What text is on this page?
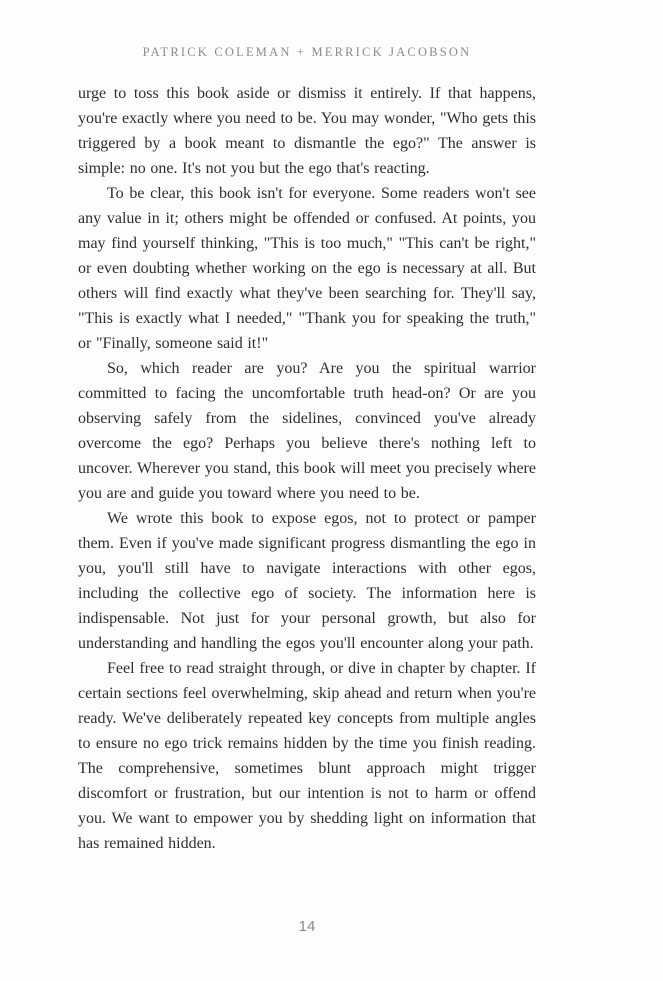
PATRICK COLEMAN + MERRICK JACOBSON

urge to toss this book aside or dismiss it entirely. If that happens, you're exactly where you need to be. You may wonder, "Who gets this triggered by a book meant to dismantle the ego?" The answer is simple: no one. It's not you but the ego that's reacting.

To be clear, this book isn't for everyone. Some readers won't see any value in it; others might be offended or confused. At points, you may find yourself thinking, "This is too much," "This can't be right," or even doubting whether working on the ego is necessary at all. But others will find exactly what they've been searching for. They'll say, "This is exactly what I needed," "Thank you for speaking the truth," or "Finally, someone said it!"

So, which reader are you? Are you the spiritual warrior committed to facing the uncomfortable truth head-on? Or are you observing safely from the sidelines, convinced you've already overcome the ego? Perhaps you believe there's nothing left to uncover. Wherever you stand, this book will meet you precisely where you are and guide you toward where you need to be.

We wrote this book to expose egos, not to protect or pamper them. Even if you've made significant progress dismantling the ego in you, you'll still have to navigate interactions with other egos, including the collective ego of society. The information here is indispensable. Not just for your personal growth, but also for understanding and handling the egos you'll encounter along your path.

Feel free to read straight through, or dive in chapter by chapter. If certain sections feel overwhelming, skip ahead and return when you're ready. We've deliberately repeated key concepts from multiple angles to ensure no ego trick remains hidden by the time you finish reading. The comprehensive, sometimes blunt approach might trigger discomfort or frustration, but our intention is not to harm or offend you. We want to empower you by shedding light on information that has remained hidden.

14
